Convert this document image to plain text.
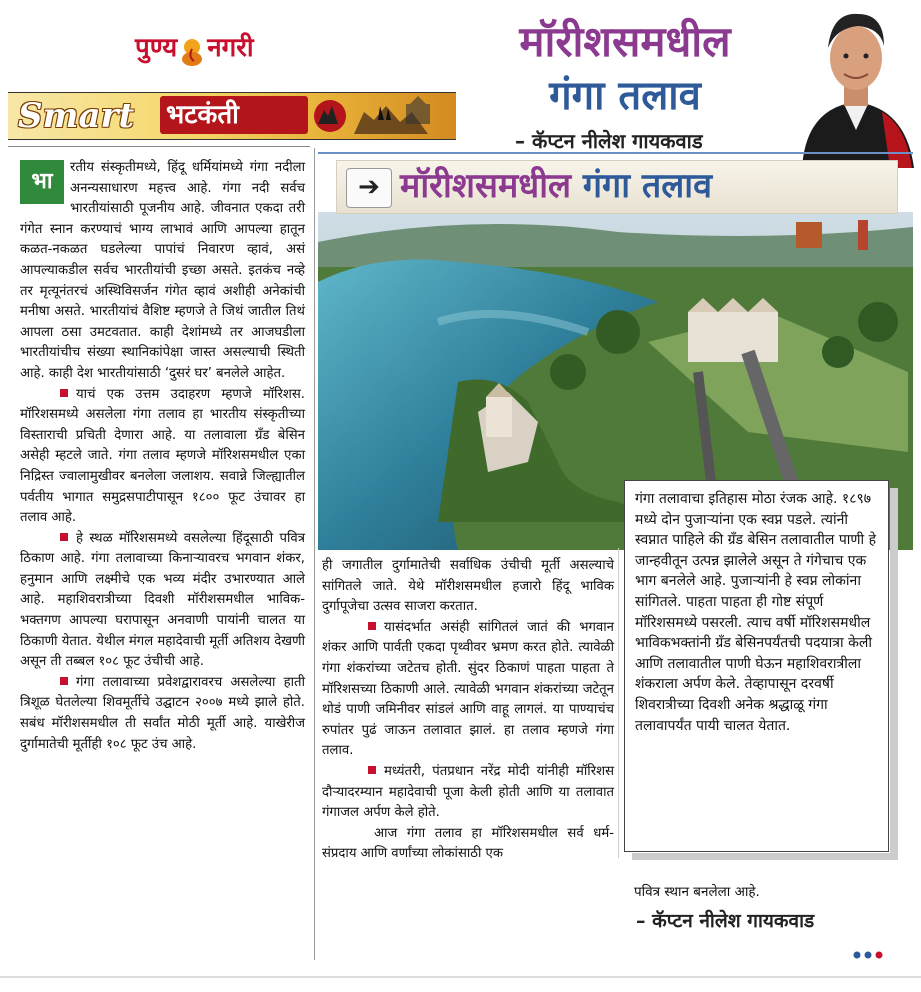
पुण्य नगरी
Smart भटकंती
मॉरीशसमधील
गंगा तलाव
– कॅप्टन नीलेश गायकवाड
भा

रतीय संस्कृतीमध्ये, हिंदू धर्मियांमध्ये गंगा नदीला अनन्यसाधारण महत्त्व आहे. गंगा नदी सर्वच भारतीयांसाठी पूजनीय आहे. जीवनात एकदा तरी गंगेत स्नान करण्याचं भाग्य लाभावं आणि आपल्या हातून कळत-नकळत घडलेल्या पापांचं निवारण व्हावं, असं आपल्याकडील सर्वच भारतीयांची इच्छा असते. इतकंच नव्हे तर मृत्यूनंतरचं अस्थिविसर्जन गंगेत व्हावं अशीही अनेकांची मनीषा असते. भारतीयांचं वैशिष्ट म्हणजे ते जिथं जातील तिथं आपला ठसा उमटवतात. काही देशांमध्ये तर आजघडीला भारतीयांचीच संख्या स्थानिकांपेक्षा जास्त असल्याची स्थिती आहे. काही देश भारतीयांसाठी ‘दुसरं घर’ बनलेले आहेत.

याचं एक उत्तम उदाहरण म्हणजे मॉरिशस. मॉरिशसमध्ये असलेला गंगा तलाव हा भारतीय संस्कृतीच्या विस्ताराची प्रचिती देणारा आहे. या तलावाला ग्रँड बेसिन असेही म्हटले जाते. गंगा तलाव म्हणजे मॉरिशसमधील एका निद्रिस्त ज्वालामुखीवर बनलेला जलाशय. सवान्ने जिल्ह्यातील पर्वतीय भागात समुद्रसपाटीपासून १८०० फूट उंचावर हा तलाव आहे.

हे स्थळ मॉरिशसमध्ये वसलेल्या हिंदूसाठी पवित्र ठिकाण आहे. गंगा तलावाच्या किनाऱ्यावरच भगवान शंकर, हनुमान आणि लक्ष्मीचे एक भव्य मंदीर उभारण्यात आले आहे. महाशिवरात्रीच्या दिवशी मॉरीशसमधील भाविक-भक्तगण आपल्या घरापासून अनवाणी पायांनी चालत या ठिकाणी येतात. येथील मंगल महादेवाची मूर्ती अतिशय देखणी असून ती तब्बल १०८ फूट उंचीची आहे.

गंगा तलावाच्या प्रवेशद्वारावरच असलेल्या हाती त्रिशूळ घेतलेल्या शिवमूर्तीचे उद्घाटन २००७ मध्ये झाले होते. सबंध मॉरीशसमधील ती सर्वांत मोठी मूर्ती आहे. याखेरीज दुर्गामातेची मूर्तीही १०८ फूट उंच आहे.

➔ मॉरीशसमधील गंगा तलाव

ही जगातील दुर्गामातेची सर्वाधिक उंचीची मूर्ती असल्याचे सांगितले जाते. येथे मॉरीशसमधील हजारो हिंदू भाविक दुर्गापूजेचा उत्सव साजरा करतात.

यासंदर्भात असंही सांगितलं जातं की भगवान शंकर आणि पार्वती एकदा पृथ्वीवर भ्रमण करत होते. त्यावेळी गंगा शंकरांच्या जटेतच होती. सुंदर ठिकाणं पाहता पाहता ते मॉरिशसच्या ठिकाणी आले. त्यावेळी भगवान शंकरांच्या जटेतून थोडं पाणी जमिनीवर सांडलं आणि वाहू लागलं. या पाण्याचंच रुपांतर पुढं जाऊन तलावात झालं. हा तलाव म्हणजे गंगा तलाव.

मध्यंतरी, पंतप्रधान नरेंद्र मोदी यांनीही मॉरिशस दौऱ्यादरम्यान महादेवाची पूजा केली होती आणि या तलावात गंगाजल अर्पण केले होते.

आज गंगा तलाव हा मॉरिशसमधील सर्व धर्म-संप्रदाय आणि वर्णांच्या लोकांसाठी एक

गंगा तलावाचा इतिहास मोठा रंजक आहे. १८९७ मध्ये दोन पुजाऱ्यांना एक स्वप्न पडले. त्यांनी स्वप्नात पाहिले की ग्रँड बेसिन तलावातील पाणी हे जान्हवीतून उत्पन्न झालेले असून ते गंगेचाच एक भाग बनलेले आहे. पुजाऱ्यांनी हे स्वप्न लोकांना सांगितले. पाहता पाहता ही गोष्ट संपूर्ण मॉरिशसमध्ये पसरली. त्याच वर्षी मॉरिशसमधील भाविकभक्तांनी ग्रँड बेसिनपर्यंतची पदयात्रा केली आणि तलावातील पाणी घेऊन महाशिवरात्रीला शंकराला अर्पण केले. तेव्हापासून दरवर्षी शिवरात्रीच्या दिवशी अनेक श्रद्धाळू गंगा तलावापर्यंत पायी चालत येतात.
पवित्र स्थान बनलेला आहे.
– कॅप्टन नीलेश गायकवाड
